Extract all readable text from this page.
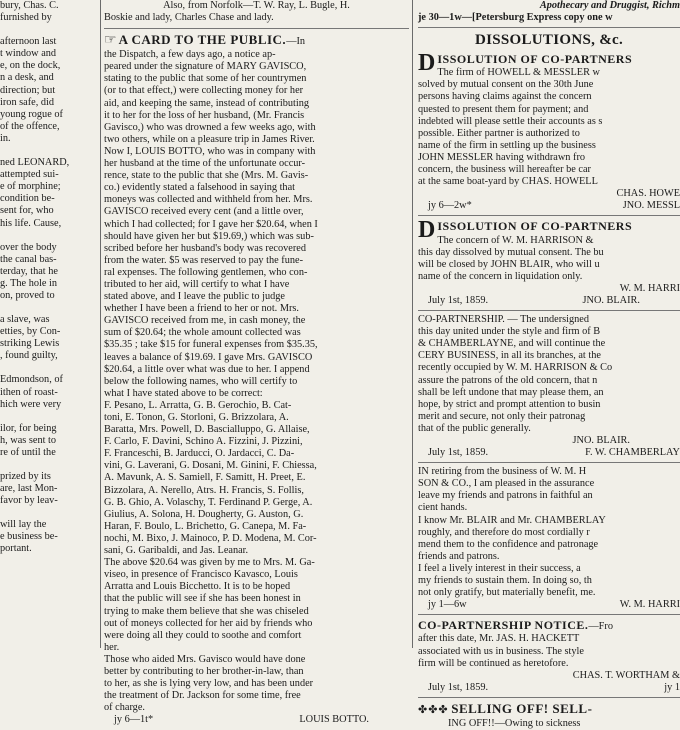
bury, Chas. C.
furnished by
afternoon last
t window and
e, on the dock,
n a desk, and
direction; but
iron safe, did
young rogue of
of the offence,
in.
ned LEONARD,
attempted sui-
e of morphine;
condition be-
sent for, who
his life. Cause,
over the body
the canal bas-
terday, that he
g. The hole in
on, proved to
a slave, was
etties, by Con-
striking Lewis
, found guilty,
Edmondson, of
ithen of roast-
hich were very
ilor, for being
h, was sent to
re of until the
prized by its
are, last Mon-
favor by leav-
will lay the
e business be-
portant.
Also, from Norfolk—T. W. Ray, L. Bugle, H.
Boskie and lady, Charles Chase and lady.
☞ A CARD TO THE PUBLIC.—In
the Dispatch, a few days ago, a notice ap-
peared under the signature of MARY GAVISCO,
stating to the public that some of her countrymen
(or to that effect,) were collecting money for her
aid, and keeping the same, instead of contributing
it to her for the loss of her husband, (Mr. Francis
Gavisco,) who was drowned a few weeks ago, with
two others, while on a pleasure trip in James River.
Now I, LOUIS BOTTO, who was in company with
her husband at the time of the unfortunate occur-
rence, state to the public that she (Mrs. M. Gavis-
co.) evidently stated a falsehood in saying that
moneys was collected and withheld from her. Mrs.
GAVISCO received every cent (and a little over,
which I had collected; for I gave her $20.64, when I
should have given her but $19.69,) which was sub-
scribed before her husband's body was recovered
from the water. $5 was reserved to pay the fune-
ral expenses. The following gentlemen, who con-
tributed to her aid, will certify to what I have
stated above, and I leave the public to judge
whether I have been a friend to her or not. Mrs.
GAVISCO received from me, in cash money, the
sum of $20.64; the whole amount collected was
$35.35 ; take $15 for funeral expenses from $35.35,
leaves a balance of $19.69. I gave Mrs. GAVISCO
$20.64, a little over what was due to her. I append
below the following names, who will certify to
what I have stated above to be correct:
F. Pesano, L. Arratta, G. B. Gerochio, B. Cat-
toni, E. Tonon, G. Storloni, G. Brizzolara, A.
Baratta, Mrs. Powell, D. Bascialluppo, G. Allaise,
F. Carlo, F. Davini, Schino A. Fizzini, J. Pizzini,
F. Franceschi, B. Jarducci, O. Jardacci, C. Da-
vini, G. Laverani, G. Dosani, M. Ginini, F. Chiessa,
A. Mavunk, A. S. Samiell, F. Samitt, H. Preet, E.
Bizzolara, A. Nerello, Atrs. H. Francis, S. Follis,
G. B. Ghio, A. Volaschy, T. Ferdinand P. Gerge, A.
Giulius, A. Solona, H. Dougherty, G. Auston, G.
Haran, F. Boulo, L. Brichetto, G. Canepa, M. Fa-
nochi, M. Bixo, J. Mainoco, P. D. Modena, M. Cor-
sani, G. Garibaldi, and Jas. Leanar.
The above $20.64 was given by me to Mrs. M. Ga-
viseo, in presence of Francisco Kavasco, Louis
Arratta and Louis Bicchetto. It is to be hoped
that the public will see if she has been honest in
trying to make them believe that she was chiseled
out of moneys collected for her aid by friends who
were doing all they could to soothe and comfort
her.
Those who aided Mrs. Gavisco would have done
better by contributing to her brother-in-law, than
to her, as she is lying very low, and has been under
the treatment of Dr. Jackson for some time, free
of charge.
LOUIS BOTTO.
jy 6—1t*
Apothecary and Druggist, Richm
je 30—1w—[Petersburg Express copy one w
DISSOLUTIONS, &c.
DISSOLUTION OF CO-PARTNERS
The firm of HOWELL & MESSLER w
solved by mutual consent on the 30th June
persons having claims against the concern
quested to present them for payment; and
indebted will please settle their accounts as s
possible. Either partner is authorized to
name of the firm in settling up the business
JOHN MESSLER having withdrawn fro
concern, the business will hereafter be car
at the same boat-yard by CHAS. HOWELL
CHAS. HOWE
jy 6—2w*	JNO. MESSL
DISSOLUTION OF CO-PARTNERS
The concern of W. M. HARRISON &
this day dissolved by mutual consent. The bu
will be closed by JOHN BLAIR, who will u
name of the concern in liquidation only.
W. M. HARRI
July 1st, 1859.	JNO. BLAIR.
CO-PARTNERSHIP. — The undersigned
this day united under the style and firm of B
& CHAMBERLAYNE, and will continue the
CERY BUSINESS, in all its branches, at the
recently occupied by W. M. HARRISON & Co
assure the patrons of the old concern, that n
shall be left undone that may please them, an
hope, by strict and prompt attention to busin
merit and secure, not only their patronag
that of the public generally.
JNO. BLAIR.
July 1st, 1859.	F. W. CHAMBERLAY
IN retiring from the business of W. M. H
SON & CO., I am pleased in the assurance
leave my friends and patrons in faithful an
cient hands.
I know Mr. BLAIR and Mr. CHAMBERLAY
roughly, and therefore do most cordially r
mend them to the confidence and patronage
friends and patrons.
I feel a lively interest in their success, a
my friends to sustain them. In doing so, th
not only gratify, but materially benefit, me.
jy 1—6w	W. M. HARRI
CO-PARTNERSHIP NOTICE.—Fro
after this date, Mr. JAS. H. HACKETT
associated with us in business. The style
firm will be continued as heretofore.
CHAS. T. WORTHAM &
July 1st, 1859.	jy 1
✤✤✤ SELLING OFF! SELL-
ING OFF!!—Owing to sickness
